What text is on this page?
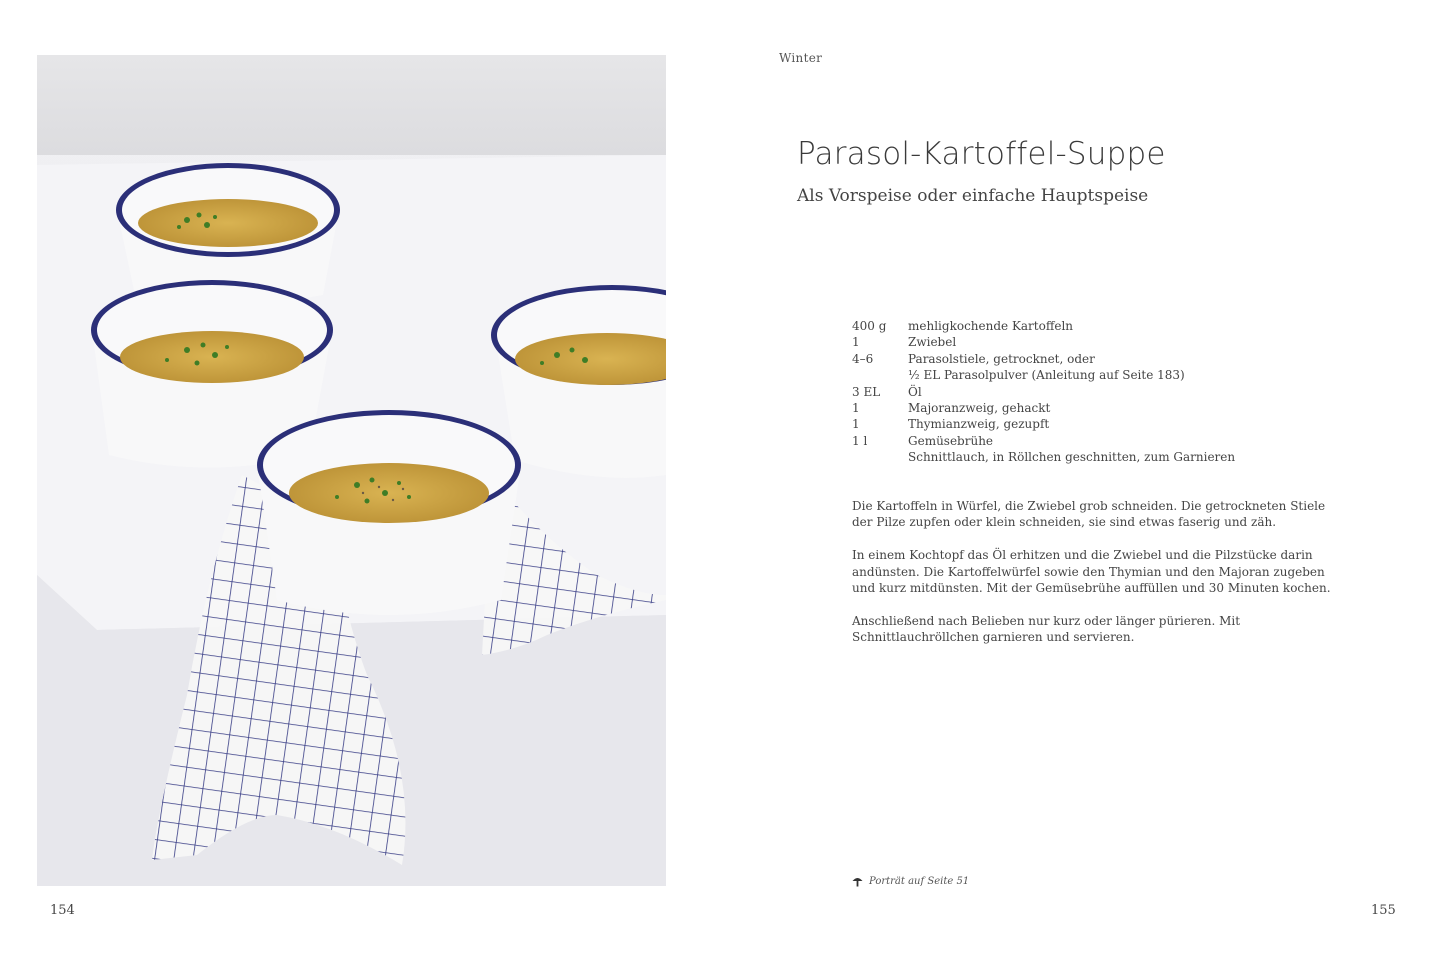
154
Winter
Parasol-Kartoffel-Suppe
Als Vorspeise oder einfache Hauptspeise
400 g	mehligkochende Kartoffeln
1	Zwiebel
4–6	Parasolstiele, getrocknet, oder
½ EL Parasolpulver (Anleitung auf Seite 183)
3 EL	Öl
1	Majoranzweig, gehackt
1	Thymianzweig, gezupft
1 l	Gemüsebrühe
Schnittlauch, in Röllchen geschnitten, zum Garnieren

Die Kartoffeln in Würfel, die Zwiebel grob schneiden. Die getrockneten Stiele der Pilze zupfen oder klein schneiden, sie sind etwas faserig und zäh.

In einem Kochtopf das Öl erhitzen und die Zwiebel und die Pilzstücke darin andünsten. Die Kartoffelwürfel sowie den Thymian und den Majoran zugeben und kurz mitdünsten. Mit der Gemüsebrühe auffüllen und 30 Minuten kochen.

Anschließend nach Belieben nur kurz oder länger pürieren. Mit Schnittlauchröllchen garnieren und servieren.

Porträt auf Seite 51
155
